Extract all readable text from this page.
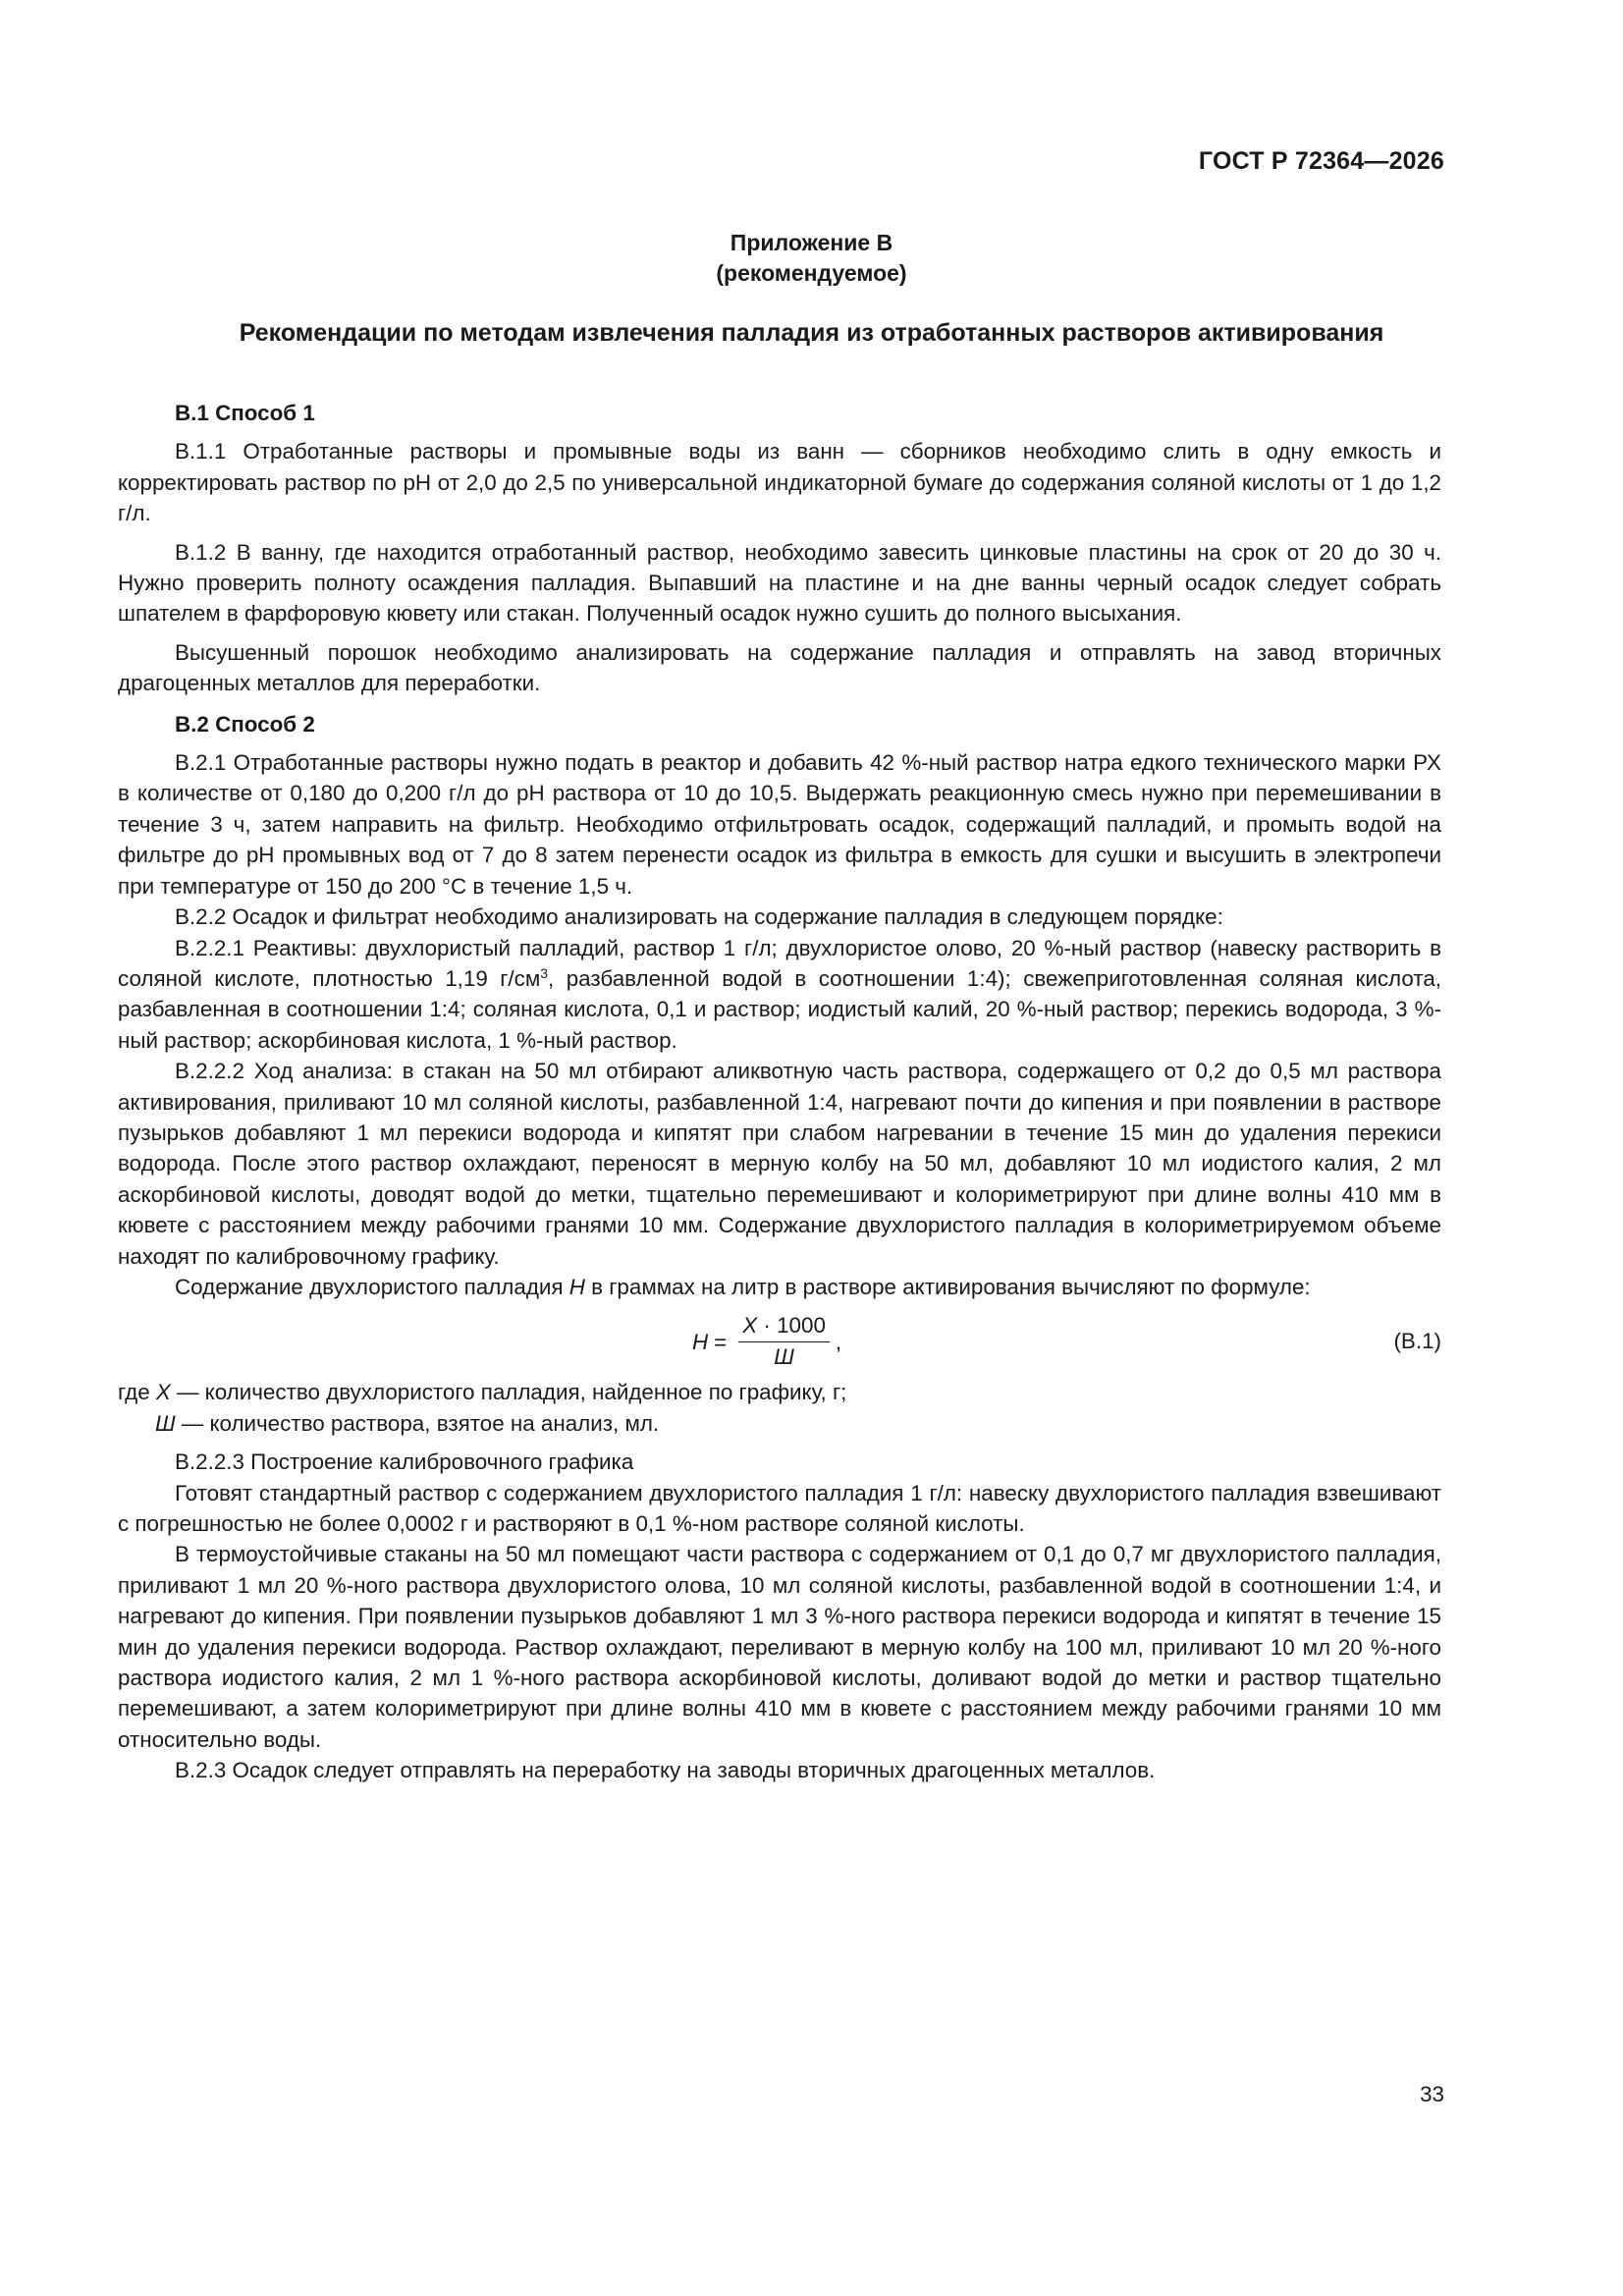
ГОСТ Р 72364—2026
Приложение В
(рекомендуемое)
Рекомендации по методам извлечения палладия из отработанных растворов активирования
В.1 Способ 1

В.1.1 Отработанные растворы и промывные воды из ванн — сборников необходимо слить в одну емкость и корректировать раствор по pH от 2,0 до 2,5 по универсальной индикаторной бумаге до содержания соляной кислоты от 1 до 1,2 г/л.

В.1.2 В ванну, где находится отработанный раствор, необходимо завесить цинковые пластины на срок от 20 до 30 ч. Нужно проверить полноту осаждения палладия. Выпавший на пластине и на дне ванны черный осадок следует собрать шпателем в фарфоровую кювету или стакан. Полученный осадок нужно сушить до полного высыхания.

Высушенный порошок необходимо анализировать на содержание палладия и отправлять на завод вторичных драгоценных металлов для переработки.

В.2 Способ 2

В.2.1 Отработанные растворы нужно подать в реактор и добавить 42 %-ный раствор натра едкого технического марки РХ в количестве от 0,180 до 0,200 г/л до pH раствора от 10 до 10,5. Выдержать реакционную смесь нужно при перемешивании в течение 3 ч, затем направить на фильтр. Необходимо отфильтровать осадок, содержащий палладий, и промыть водой на фильтре до pH промывных вод от 7 до 8 затем перенести осадок из фильтра в емкость для сушки и высушить в электропечи при температуре от 150 до 200 °С в течение 1,5 ч.

В.2.2 Осадок и фильтрат необходимо анализировать на содержание палладия в следующем порядке:

В.2.2.1 Реактивы: двухлористый палладий, раствор 1 г/л; двухлористое олово, 20 %-ный раствор (навеску растворить в соляной кислоте, плотностью 1,19 $г/см^3$, разбавленной водой в соотношении 1:4); свежеприготовленная соляная кислота, разбавленная в соотношении 1:4; соляная кислота, 0,1 и раствор; иодистый калий, 20 %-ный раствор; перекись водорода, 3 %-ный раствор; аскорбиновая кислота, 1 %-ный раствор.

В.2.2.2 Ход анализа: в стакан на 50 мл отбирают аликвотную часть раствора, содержащего от 0,2 до 0,5 мл раствора активирования, приливают 10 мл соляной кислоты, разбавленной 1:4, нагревают почти до кипения и при появлении в растворе пузырьков добавляют 1 мл перекиси водорода и кипятят при слабом нагревании в течение 15 мин до удаления перекиси водорода. После этого раствор охлаждают, переносят в мерную колбу на 50 мл, добавляют 10 мл иодистого калия, 2 мл аскорбиновой кислоты, доводят водой до метки, тщательно перемешивают и колориметрируют при длине волны 410 мм в кювете с расстоянием между рабочими гранями 10 мм. Содержание двухлористого палладия в колориметрируемом объеме находят по калибровочному графику.

Содержание двухлористого палладия Н в граммах на литр в растворе активирования вычисляют по формуле:

$Н = \frac{Х \cdot 1000}{Ш}$ ,	(В.1)

где Х — количество двухлористого палладия, найденное по графику, г;

Ш — количество раствора, взятое на анализ, мл.

В.2.2.3 Построение калибровочного графика

Готовят стандартный раствор с содержанием двухлористого палладия 1 г/л: навеску двухлористого палладия взвешивают с погрешностью не более 0,0002 г и растворяют в 0,1 %-ном растворе соляной кислоты.

В термоустойчивые стаканы на 50 мл помещают части раствора с содержанием от 0,1 до 0,7 мг двухлористого палладия, приливают 1 мл 20 %-ного раствора двухлористого олова, 10 мл соляной кислоты, разбавленной водой в соотношении 1:4, и нагревают до кипения. При появлении пузырьков добавляют 1 мл 3 %-ного раствора перекиси водорода и кипятят в течение 15 мин до удаления перекиси водорода. Раствор охлаждают, переливают в мерную колбу на 100 мл, приливают 10 мл 20 %-ного раствора иодистого калия, 2 мл 1 %-ного раствора аскорбиновой кислоты, доливают водой до метки и раствор тщательно перемешивают, а затем колориметрируют при длине волны 410 мм в кювете с расстоянием между рабочими гранями 10 мм относительно воды.

В.2.3 Осадок следует отправлять на переработку на заводы вторичных драгоценных металлов.

33
